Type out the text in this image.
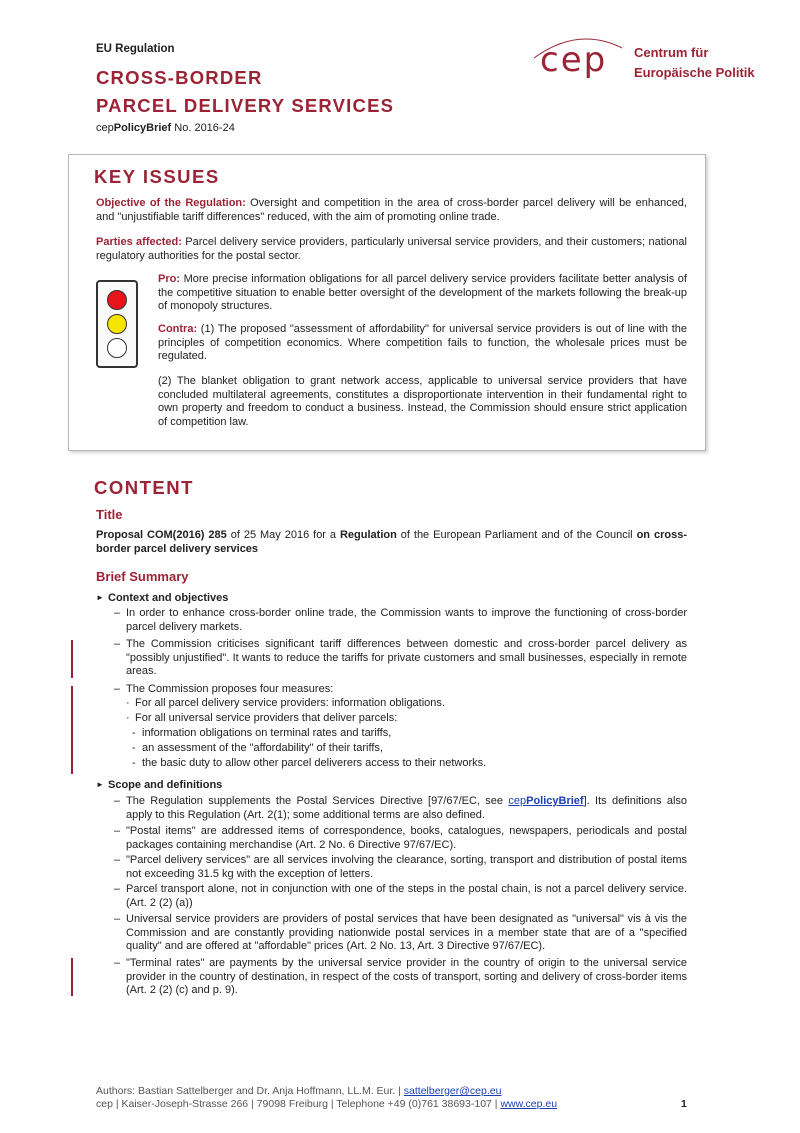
EU Regulation
CROSS-BORDER
PARCEL DELIVERY SERVICES
cepPolicyBrief No. 2016-24
cep Centrum für
Europäische Politik
KEY ISSUES
Objective of the Regulation: Oversight and competition in the area of cross-border parcel delivery will be enhanced, and "unjustifiable tariff differences" reduced, with the aim of promoting online trade.
Parties affected: Parcel delivery service providers, particularly universal service providers, and their customers; national regulatory authorities for the postal sector.
Pro: More precise information obligations for all parcel delivery service providers facilitate better analysis of the competitive situation to enable better oversight of the development of the markets following the break-up of monopoly structures.
Contra: (1) The proposed "assessment of affordability" for universal service providers is out of line with the principles of competition economics. Where competition fails to function, the wholesale prices must be regulated.
(2) The blanket obligation to grant network access, applicable to universal service providers that have concluded multilateral agreements, constitutes a disproportionate intervention in their fundamental right to own property and freedom to conduct a business. Instead, the Commission should ensure strict application of competition law.
CONTENT
Title
Proposal COM(2016) 285 of 25 May 2016 for a Regulation of the European Parliament and of the Council on cross-border parcel delivery services
Brief Summary
► Context and objectives
– In order to enhance cross-border online trade, the Commission wants to improve the functioning of cross-border parcel delivery markets.
– The Commission criticises significant tariff differences between domestic and cross-border parcel delivery as "possibly unjustified". It wants to reduce the tariffs for private customers and small businesses, especially in remote areas.
– The Commission proposes four measures:
· For all parcel delivery service providers: information obligations.
· For all universal service providers that deliver parcels:
- information obligations on terminal rates and tariffs,
- an assessment of the "affordability" of their tariffs,
- the basic duty to allow other parcel deliverers access to their networks.
► Scope and definitions
– The Regulation supplements the Postal Services Directive [97/67/EC, see cepPolicyBrief]. Its definitions also apply to this Regulation (Art. 2(1); some additional terms are also defined.
– "Postal items" are addressed items of correspondence, books, catalogues, newspapers, periodicals and postal packages containing merchandise (Art. 2 No. 6 Directive 97/67/EC).
– "Parcel delivery services" are all services involving the clearance, sorting, transport and distribution of postal items not exceeding 31.5 kg with the exception of letters.
– Parcel transport alone, not in conjunction with one of the steps in the postal chain, is not a parcel delivery service. (Art. 2 (2) (a))
– Universal service providers are providers of postal services that have been designated as "universal" vis à vis the Commission and are constantly providing nationwide postal services in a member state that are of a "specified quality" and are offered at "affordable" prices (Art. 2 No. 13, Art. 3 Directive 97/67/EC).
– "Terminal rates" are payments by the universal service provider in the country of origin to the universal service provider in the country of destination, in respect of the costs of transport, sorting and delivery of cross-border items (Art. 2 (2) (c) and p. 9).
Authors: Bastian Sattelberger and Dr. Anja Hoffmann, LL.M. Eur. | sattelberger@cep.eu
cep | Kaiser-Joseph-Strasse 266 | 79098 Freiburg | Telephone +49 (0)761 38693-107 | www.cep.eu	1
